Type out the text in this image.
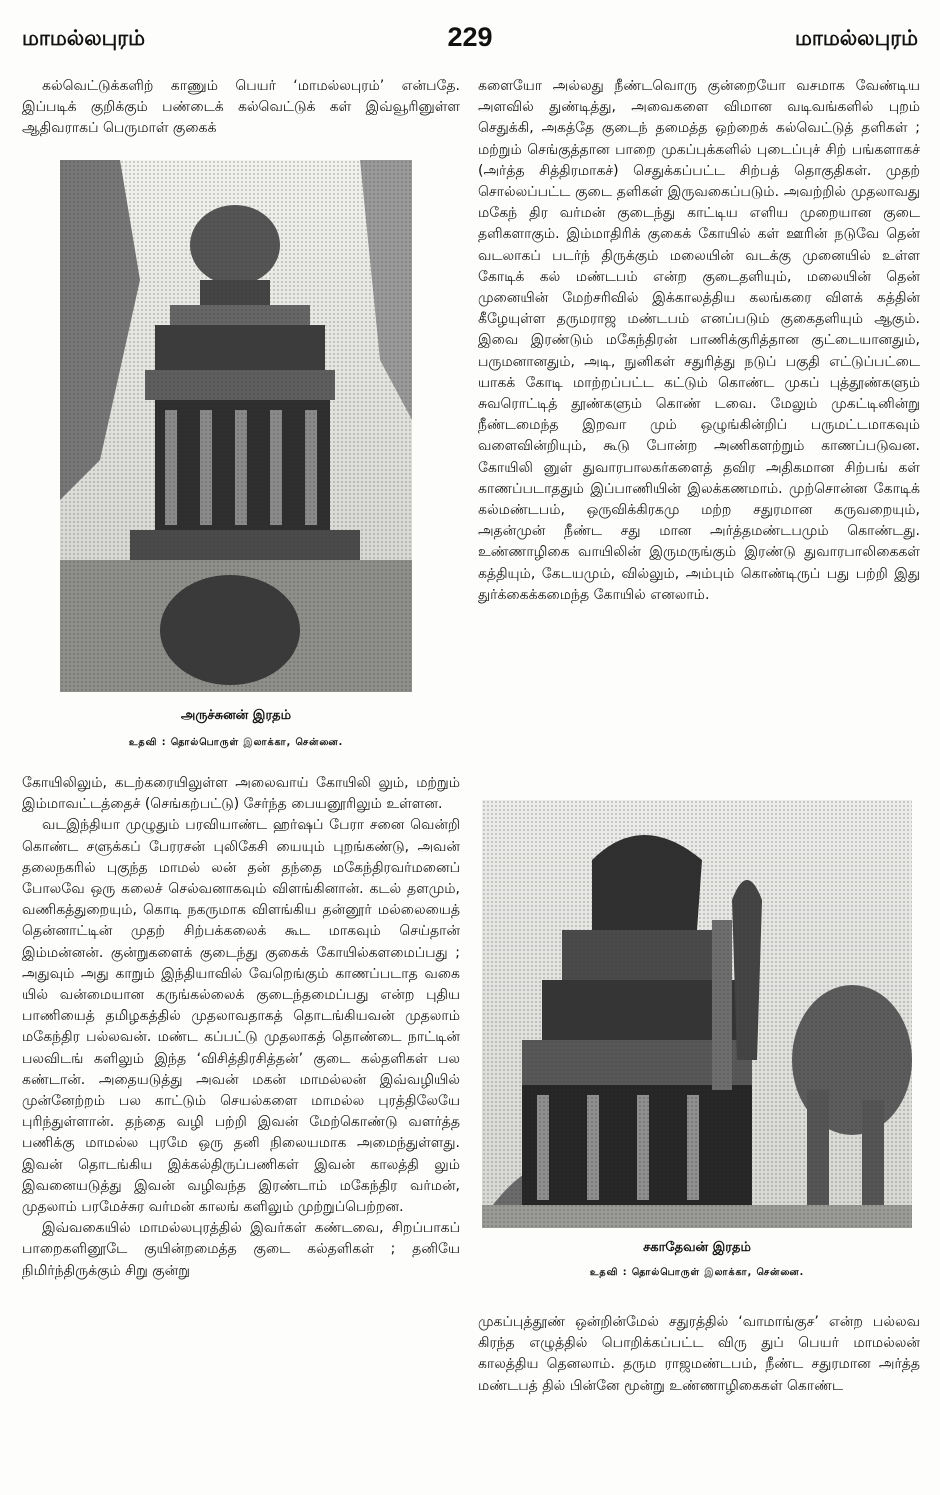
மாமல்லபுரம்	229	மாமல்லபுரம்

கல்வெட்டுக்களிற் காணும் பெயர் ‘மாமல்லபுரம்’ என்பதே. இப்படிக் குறிக்கும் பண்டைக் கல்வெட்டுக் கள் இவ்வூரினுள்ள ஆதிவராகப் பெருமாள் குகைக்

அருச்சுனன் இரதம்
உதவி : தொல்பொருள் இலாக்கா, சென்னை.

கோயிலிலும், கடற்கரையிலுள்ள அலைவாய் கோயிலி லும், மற்றும் இம்மாவட்டத்தைச் (செங்கற்பட்டு) சேர்ந்த பையனூரிலும் உள்ளன.

வடஇந்தியா முழுதும் பரவியாண்ட ஹர்ஷப் பேரா சனை வென்றி கொண்ட சளுக்கப் பேரரசன் புலிகேசி யையும் புறங்கண்டு, அவன் தலைநகரில் புகுந்த மாமல் லன் தன் தந்தை மகேந்திரவர்மனைப் போலவே ஒரு கலைச் செல்வனாகவும் விளங்கினான். கடல் தளமும், வணிகத்துறையும், கொடி நகருமாக விளங்கிய தன்னூர் மல்லையைத் தென்னாட்டின் முதற் சிற்பக்கலைக் கூட மாகவும் செய்தான் இம்மன்னன். குன்றுகளைக் குடைந்து குகைக் கோயில்களமைப்பது ; அதுவும் அது காறும் இந்தியாவில் வேறெங்கும் காணப்படாத வகை யில் வன்மையான கருங்கல்லைக் குடைந்தமைப்பது என்ற புதிய பாணியைத் தமிழகத்தில் முதலாவதாகத் தொடங்கியவன் முதலாம் மகேந்திர பல்லவன். மண்ட கப்பட்டு முதலாகத் தொண்டை நாட்டின் பலவிடங் களிலும் இந்த ‘விசித்திரசித்தன்’ குடை கல்தளிகள் பல கண்டான். அதையடுத்து அவன் மகன் மாமல்லன் இவ்வழியில் முன்னேற்றம் பல காட்டும் செயல்களை மாமல்ல புரத்திலேயே புரிந்துள்ளான். தந்தை வழி பற்றி இவன் மேற்கொண்டு வளர்த்த பணிக்கு மாமல்ல புரமே ஒரு தனி நிலையமாக அமைந்துள்ளது. இவன் தொடங்கிய இக்கல்திருப்பணிகள் இவன் காலத்தி லும் இவனையடுத்து இவன் வழிவந்த இரண்டாம் மகேந்திர வர்மன், முதலாம் பரமேச்சுர வர்மன் காலங் களிலும் முற்றுப்பெற்றன.

இவ்வகையில் மாமல்லபுரத்தில் இவர்கள் கண்டவை, சிறப்பாகப் பாறைகளினூடே குயின்றமைத்த குடை கல்தளிகள் ; தனியே நிமிர்ந்திருக்கும் சிறு குன்று

களையோ அல்லது நீண்டவொரு குன்றையோ வசமாக வேண்டிய அளவில் துண்டித்து, அவைகளை விமான வடிவங்களில் புறம் செதுக்கி, அகத்தே குடைந் தமைத்த ஒற்றைக் கல்வெட்டுத் தளிகள் ; மற்றும் செங்குத்தான பாறை முகப்புக்களில் புடைப்புச் சிற் பங்களாகச் (அர்த்த சித்திரமாகச்) செதுக்கப்பட்ட சிற்பத் தொகுதிகள். முதற் சொல்லப்பட்ட குடை தளிகள் இருவகைப்படும். அவற்றில் முதலாவது மகேந் திர வர்மன் குடைந்து காட்டிய எளிய முறையான குடை தளிகளாகும். இம்மாதிரிக் குகைக் கோயில் கள் ஊரின் நடுவே தென் வடலாகப் படர்ந் திருக்கும் மலையின் வடக்கு முனையில் உள்ள கோடிக் கல் மண்டபம் என்ற குடைதளியும், மலையின் தென் முனையின் மேற்சரிவில் இக்காலத்திய கலங்கரை விளக் கத்தின் கீழேயுள்ள தருமராஜ மண்டபம் எனப்படும் குகைதளியும் ஆகும். இவை இரண்டும் மகேந்திரன் பாணிக்குரித்தான குட்டையானதும், பருமனானதும், அடி, நுனிகள் சதுரித்து நடுப் பகுதி எட்டுப்பட்டை யாகக் கோடி மாற்றப்பட்ட கட்டும் கொண்ட முகப் புத்தூண்களும் சுவரொட்டித் தூண்களும் கொண் டவை. மேலும் முகட்டினின்று நீண்டமைந்த இறவா மும் ஒழுங்கின்றிப் பருமட்டமாகவும் வளைவின்றியும், கூடு போன்ற அணிகளற்றும் காணப்படுவன. கோயிலி னுள் துவாரபாலகர்களைத் தவிர அதிகமான சிற்பங் கள் காணப்படாததும் இப்பாணியின் இலக்கணமாம். முற்சொன்ன கோடிக் கல்மண்டபம், ஒருவிக்கிரகமு மற்ற சதுரமான கருவறையும், அதன்முன் நீண்ட சது மான அர்த்தமண்டபமும் கொண்டது. உண்ணாழிகை வாயிலின் இருமருங்கும் இரண்டு துவாரபாலிகைகள் கத்தியும், கேடயமும், வில்லும், அம்பும் கொண்டிருப் பது பற்றி இது துர்க்கைக்கமைந்த கோயில் எனலாம்.

சகாதேவன் இரதம்
உதவி : தொல்பொருள் இலாக்கா, சென்னை.

முகப்புத்தூண் ஒன்றின்மேல் சதுரத்தில் ‘வாமாங்குச’ என்ற பல்லவ கிரந்த எழுத்தில் பொறிக்கப்பட்ட விரு துப் பெயர் மாமல்லன் காலத்திய தெனலாம். தரும ராஜமண்டபம், நீண்ட சதுரமான அர்த்த மண்டபத் தில் பின்னே மூன்று உண்ணாழிகைகள் கொண்ட
